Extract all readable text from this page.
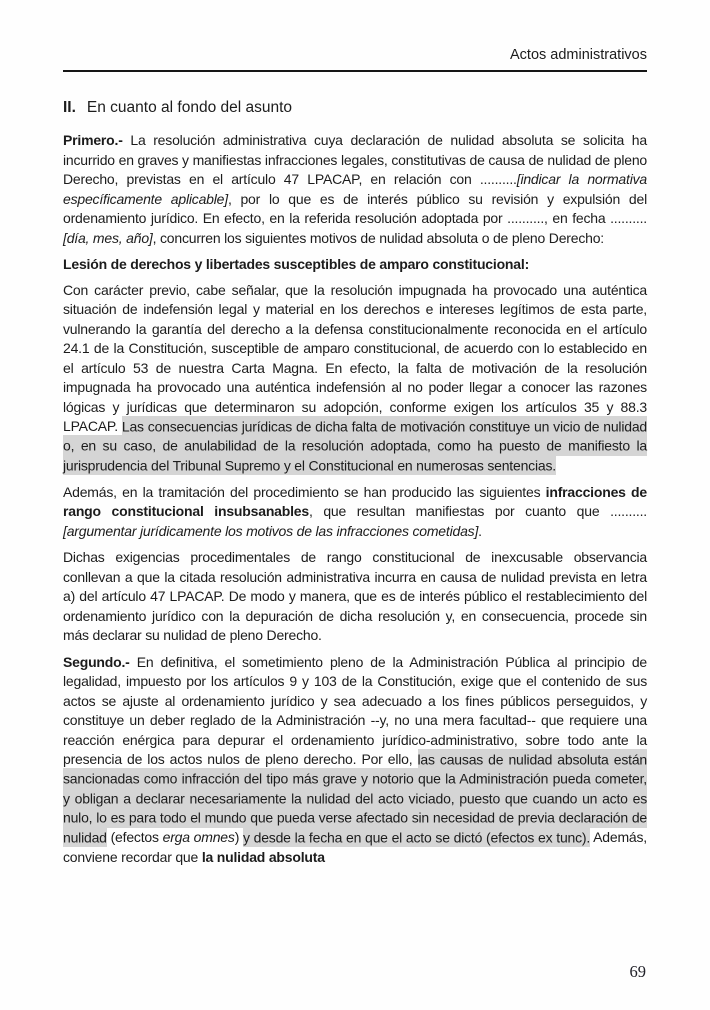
Actos administrativos
II. En cuanto al fondo del asunto

Primero.- La resolución administrativa cuya declaración de nulidad absoluta se solicita ha incurrido en graves y manifiestas infracciones legales, constitutivas de causa de nulidad de pleno Derecho, previstas en el artículo 47 LPACAP, en relación con ..........[indicar la normativa específicamente aplicable], por lo que es de interés público su revisión y expulsión del ordenamiento jurídico. En efecto, en la referida resolución adoptada por .........., en fecha ..........[día, mes, año], concurren los siguientes motivos de nulidad absoluta o de pleno Derecho:

Lesión de derechos y libertades susceptibles de amparo constitucional:

Con carácter previo, cabe señalar, que la resolución impugnada ha provocado una auténtica situación de indefensión legal y material en los derechos e intereses legítimos de esta parte, vulnerando la garantía del derecho a la defensa constitucionalmente reconocida en el artículo 24.1 de la Constitución, susceptible de amparo constitucional, de acuerdo con lo establecido en el artículo 53 de nuestra Carta Magna. En efecto, la falta de motivación de la resolución impugnada ha provocado una auténtica indefensión al no poder llegar a conocer las razones lógicas y jurídicas que determinaron su adopción, conforme exigen los artículos 35 y 88.3 LPACAP. Las consecuencias jurídicas de dicha falta de motivación constituye un vicio de nulidad o, en su caso, de anulabilidad de la resolución adoptada, como ha puesto de manifiesto la jurisprudencia del Tribunal Supremo y el Constitucional en numerosas sentencias.

Además, en la tramitación del procedimiento se han producido las siguientes infracciones de rango constitucional insubsanables, que resultan manifiestas por cuanto que ..........[argumentar jurídicamente los motivos de las infracciones cometidas].

Dichas exigencias procedimentales de rango constitucional de inexcusable observancia conllevan a que la citada resolución administrativa incurra en causa de nulidad prevista en letra a) del artículo 47 LPACAP. De modo y manera, que es de interés público el restablecimiento del ordenamiento jurídico con la depuración de dicha resolución y, en consecuencia, procede sin más declarar su nulidad de pleno Derecho.

Segundo.- En definitiva, el sometimiento pleno de la Administración Pública al principio de legalidad, impuesto por los artículos 9 y 103 de la Constitución, exige que el contenido de sus actos se ajuste al ordenamiento jurídico y sea adecuado a los fines públicos perseguidos, y constituye un deber reglado de la Administración --y, no una mera facultad-- que requiere una reacción enérgica para depurar el ordenamiento jurídico-administrativo, sobre todo ante la presencia de los actos nulos de pleno derecho. Por ello, las causas de nulidad absoluta están sancionadas como infracción del tipo más grave y notorio que la Administración pueda cometer, y obligan a declarar necesariamente la nulidad del acto viciado, puesto que cuando un acto es nulo, lo es para todo el mundo que pueda verse afectado sin necesidad de previa declaración de nulidad (efectos erga omnes) y desde la fecha en que el acto se dictó (efectos ex tunc). Además, conviene recordar que la nulidad absoluta

69
